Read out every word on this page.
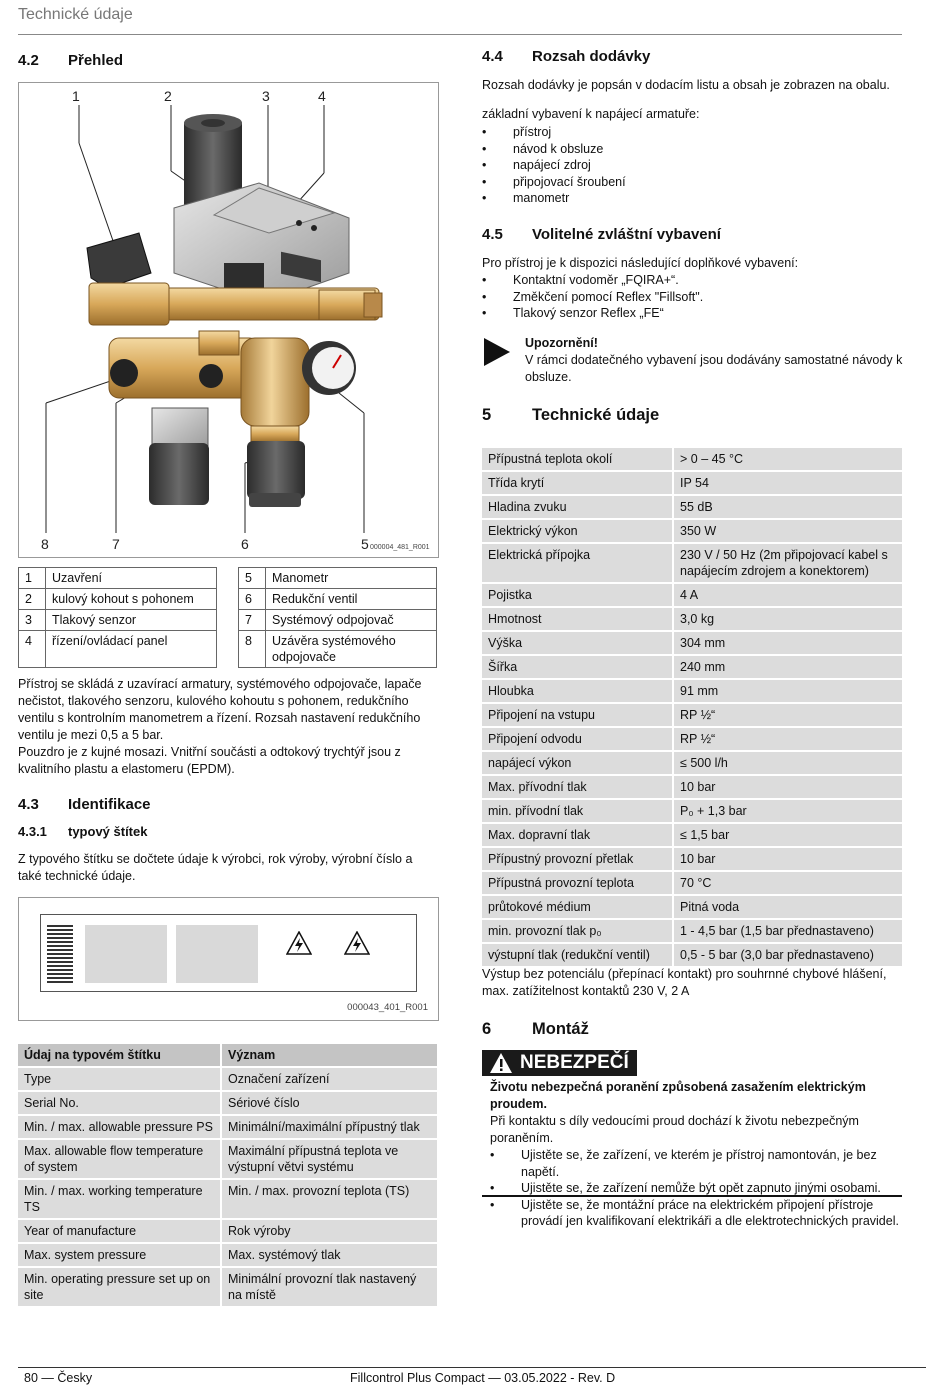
Technické údaje
4.2 Přehled
1	2	3	4
8	7	6	5 000004_481_R001
1	Uzavření
2	kulový kohout s pohonem
3	Tlakový senzor
4	řízení/ovládací panel
5	Manometr
6	Redukční ventil
7	Systémový odpojovač
8	Uzávěra systémového odpojovače

Přístroj se skládá z uzavírací armatury, systémového odpojovače, lapače nečistot, tlakového senzoru, kulového kohoutu s pohonem, redukčního ventilu s kontrolním manometrem a řízení. Rozsah nastavení redukčního ventilu je mezi 0,5 a 5 bar.

Pouzdro je z kujné mosazi. Vnitřní součásti a odtokový trychtýř jsou z kvalitního plastu a elastomeru (EPDM).

4.3 Identifikace
4.3.1 typový štítek

Z typového štítku se dočtete údaje k výrobci, rok výroby, výrobní číslo a také technické údaje.

000043_401_R001
Údaj na typovém štítku	Význam
Type	Označení zařízení
Serial No.	Sériové číslo
Min. / max. allowable pressure PS	Minimální/maximální přípustný tlak
Max. allowable flow temperature of system	Maximální přípustná teplota ve výstupní větvi systému
Min. / max. working temperature TS	Min. / max. provozní teplota (TS)
Year of manufacture	Rok výroby
Max. system pressure	Max. systémový tlak
Min. operating pressure set up on site	Minimální provozní tlak nastavený na místě
4.4 Rozsah dodávky

Rozsah dodávky je popsán v dodacím listu a obsah je zobrazen na obalu.

základní vybavení k napájecí armatuře:

• přístroj
• návod k obsluze
• napájecí zdroj
• připojovací šroubení
• manometr
4.5 Volitelné zvláštní vybavení

Pro přístroj je k dispozici následující doplňkové vybavení:

• Kontaktní vodoměr „FQIRA+“.
• Změkčení pomocí Reflex "Fillsoft".
• Tlakový senzor Reflex „FE“

Upozornění!

V rámci dodatečného vybavení jsou dodávány samostatné návody k obsluze.

5 Technické údaje
Přípustná teplota okolí	> 0 – 45 °C
Třída krytí	IP 54
Hladina zvuku	55 dB
Elektrický výkon	350 W
Elektrická přípojka	230 V / 50 Hz (2m připojovací kabel s napájecím zdrojem a konektorem)
Pojistka	4 A
Hmotnost	3,0 kg
Výška	304 mm
Šířka	240 mm
Hloubka	91 mm
Připojení na vstupu	RP ½“
Připojení odvodu	RP ½“
napájecí výkon	≤ 500 l/h
Max. přívodní tlak	10 bar
min. přívodní tlak	P₀ + 1,3 bar
Max. dopravní tlak	≤ 1,5 bar
Přípustný provozní přetlak	10 bar
Přípustná provozní teplota	70 °C
průtokové médium	Pitná voda
min. provozní tlak p₀	1 - 4,5 bar (1,5 bar přednastaveno)
výstupní tlak (redukční ventil)	0,5 - 5 bar (3,0 bar přednastaveno)

Výstup bez potenciálu (přepínací kontakt) pro souhrnné chybové hlášení, max. zatížitelnost kontaktů 230 V, 2 A

6 Montáž
NEBEZPEČÍ

Životu nebezpečná poranění způsobená zasažením elektrickým proudem.

Při kontaktu s díly vedoucími proud dochází k životu nebezpečným poraněním.

• Ujistěte se, že zařízení, ve kterém je přístroj namontován, je bez napětí.
• Ujistěte se, že zařízení nemůže být opět zapnuto jinými osobami.
• Ujistěte se, že montážní práce na elektrickém připojení přístroje provádí jen kvalifikovaní elektrikáři a dle elektrotechnických pravidel.
80 — Česky	Fillcontrol Plus Compact — 03.05.2022 - Rev. D
